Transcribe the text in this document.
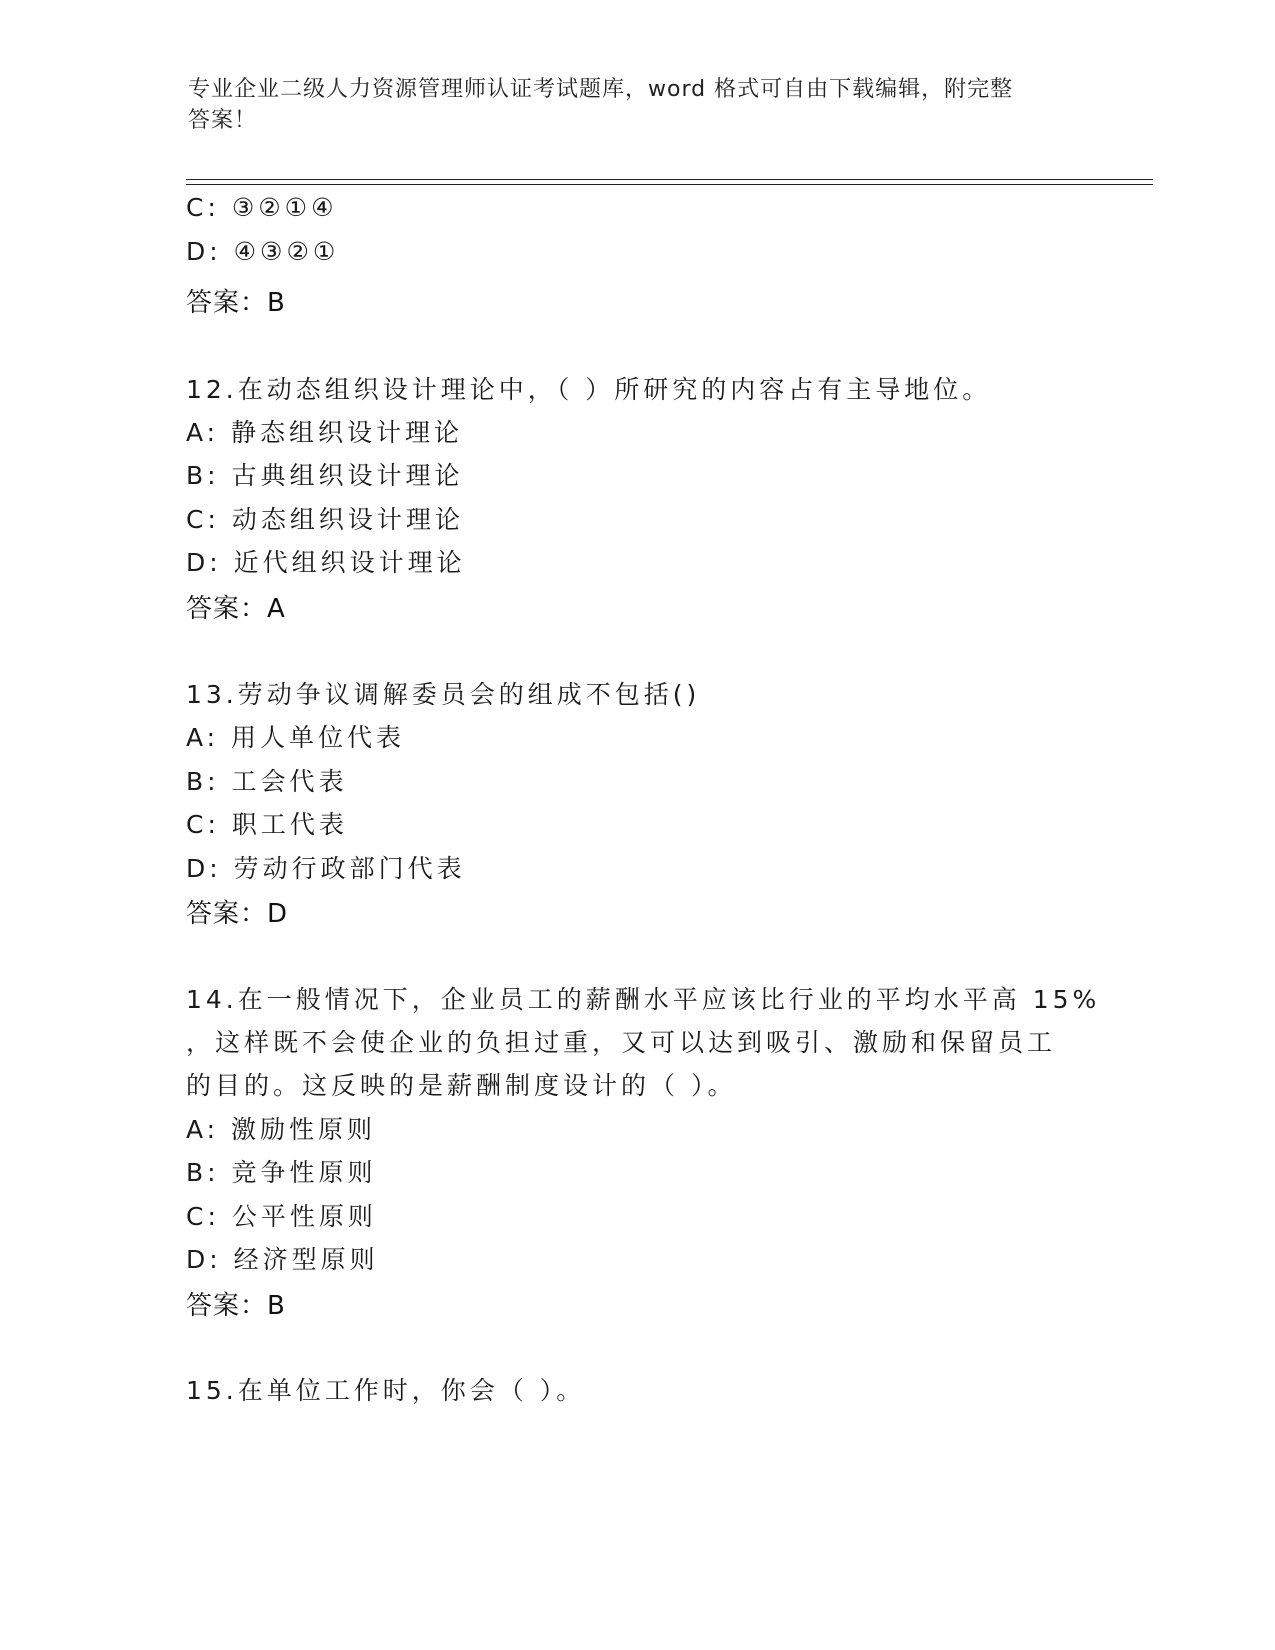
专业企业二级人力资源管理师认证考试题库，word 格式可自由下载编辑，附完整
答案！
C: ③②①④
D: ④③②①
答案：B
12.在动态组织设计理论中，（ ）所研究的内容占有主导地位。
A: 静态组织设计理论
B: 古典组织设计理论
C: 动态组织设计理论
D: 近代组织设计理论
答案：A
13.劳动争议调解委员会的组成不包括()
A: 用人单位代表
B: 工会代表
C: 职工代表
D: 劳动行政部门代表
答案：D
14.在一般情况下，企业员工的薪酬水平应该比行业的平均水平高 15%
，这样既不会使企业的负担过重，又可以达到吸引、激励和保留员工
的目的。这反映的是薪酬制度设计的（ ）。
A: 激励性原则
B: 竞争性原则
C: 公平性原则
D: 经济型原则
答案：B
15.在单位工作时，你会（ ）。
